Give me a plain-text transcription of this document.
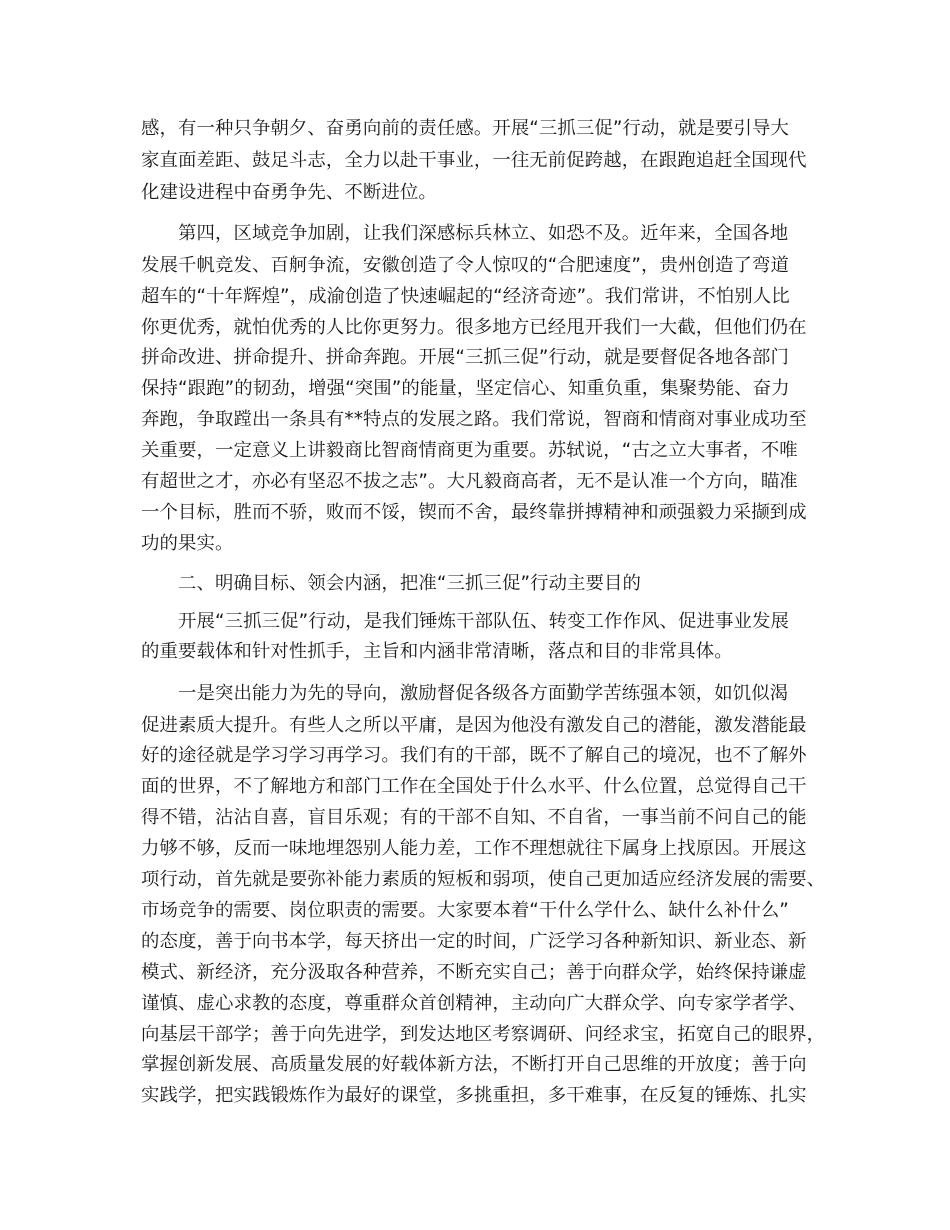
感，有一种只争朝夕、奋勇向前的责任感。开展“三抓三促”行动，就是要引导大
家直面差距、鼓足斗志，全力以赴干事业，一往无前促跨越，在跟跑追赶全国现代
化建设进程中奋勇争先、不断进位。
第四，区域竞争加剧，让我们深感标兵林立、如恐不及。近年来，全国各地
发展千帆竞发、百舸争流，安徽创造了令人惊叹的“合肥速度”，贵州创造了弯道
超车的“十年辉煌”，成渝创造了快速崛起的“经济奇迹”。我们常讲，不怕别人比
你更优秀，就怕优秀的人比你更努力。很多地方已经甩开我们一大截，但他们仍在
拼命改进、拼命提升、拼命奔跑。开展“三抓三促”行动，就是要督促各地各部门
保持“跟跑”的韧劲，增强“突围”的能量，坚定信心、知重负重，集聚势能、奋力
奔跑，争取蹚出一条具有**特点的发展之路。我们常说，智商和情商对事业成功至
关重要，一定意义上讲毅商比智商情商更为重要。苏轼说，“古之立大事者，不唯
有超世之才，亦必有坚忍不拔之志”。大凡毅商高者，无不是认准一个方向，瞄准
一个目标，胜而不骄，败而不馁，锲而不舍，最终靠拼搏精神和顽强毅力采撷到成
功的果实。
二、明确目标、领会内涵，把准“三抓三促”行动主要目的
开展“三抓三促”行动，是我们锤炼干部队伍、转变工作作风、促进事业发展
的重要载体和针对性抓手，主旨和内涵非常清晰，落点和目的非常具体。
一是突出能力为先的导向，激励督促各级各方面勤学苦练强本领，如饥似渴
促进素质大提升。有些人之所以平庸，是因为他没有激发自己的潜能，激发潜能最
好的途径就是学习学习再学习。我们有的干部，既不了解自己的境况，也不了解外
面的世界，不了解地方和部门工作在全国处于什么水平、什么位置，总觉得自己干
得不错，沾沾自喜，盲目乐观；有的干部不自知、不自省，一事当前不问自己的能
力够不够，反而一味地埋怨别人能力差，工作不理想就往下属身上找原因。开展这
项行动，首先就是要弥补能力素质的短板和弱项，使自己更加适应经济发展的需要、
市场竞争的需要、岗位职责的需要。大家要本着“干什么学什么、缺什么补什么”
的态度，善于向书本学，每天挤出一定的时间，广泛学习各种新知识、新业态、新
模式、新经济，充分汲取各种营养，不断充实自己；善于向群众学，始终保持谦虚
谨慎、虚心求教的态度，尊重群众首创精神，主动向广大群众学、向专家学者学、
向基层干部学；善于向先进学，到发达地区考察调研、问经求宝，拓宽自己的眼界，
掌握创新发展、高质量发展的好载体新方法，不断打开自己思维的开放度；善于向
实践学，把实践锻炼作为最好的课堂，多挑重担，多干难事，在反复的锤炼、扎实
